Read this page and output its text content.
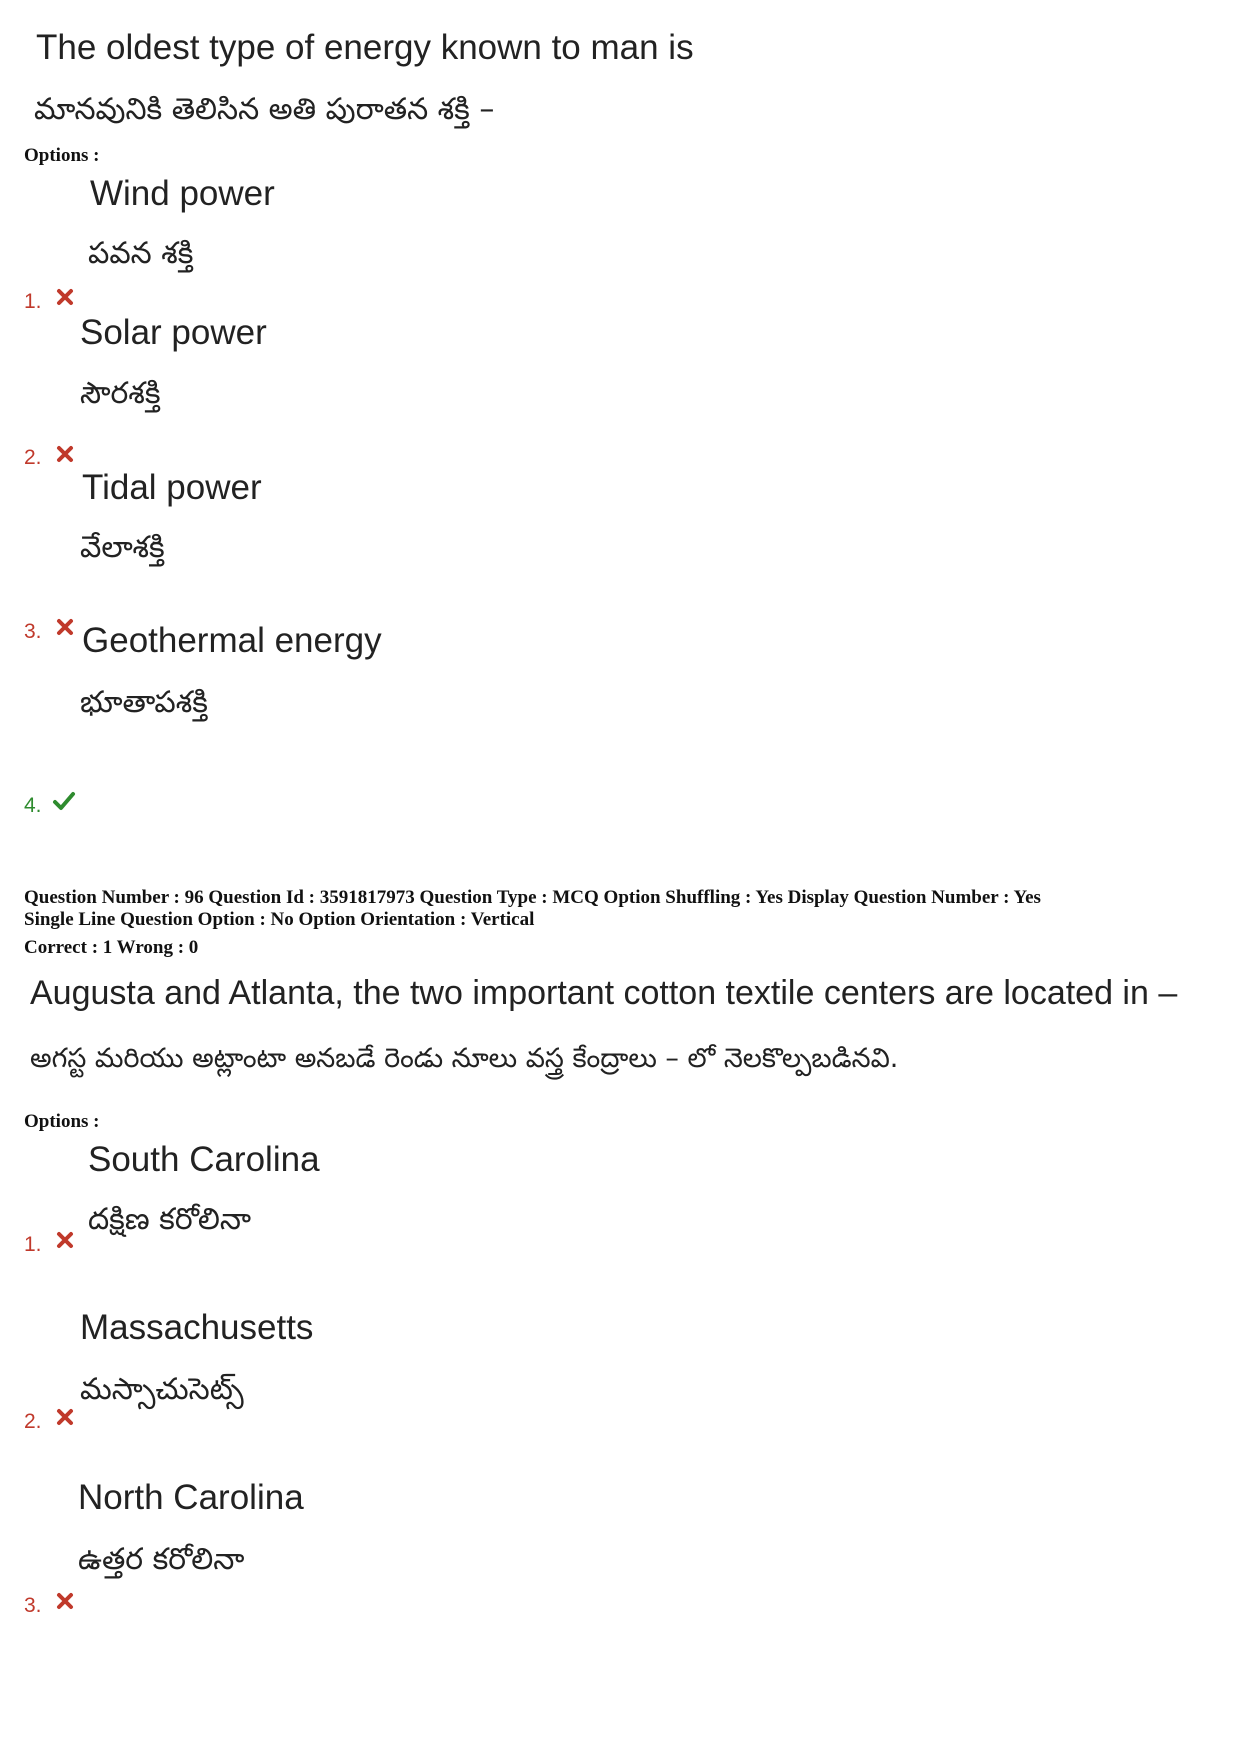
The oldest type of energy known to man is
మానవునికి తెలిసిన అతి పురాతన శక్తి –
Options :
Wind power
పవన శక్తి
1.
Solar power
సౌరశక్తి
2.
Tidal power
వేలాశక్తి
3. Geothermal energy
భూతాపశక్తి
4.
Question Number : 96 Question Id : 3591817973 Question Type : MCQ Option Shuffling : Yes Display Question Number : Yes
Single Line Question Option : No Option Orientation : Vertical
Correct : 1 Wrong : 0
Augusta and Atlanta, the two important cotton textile centers are located in –
అగస్ట మరియు అట్లాంటా అనబడే రెండు నూలు వస్త్ర కేంద్రాలు – లో నెలకొల్పబడినవి.
Options :
South Carolina
దక్షిణ కరోలినా
1.
Massachusetts
మస్సాచుసెట్స్
2.
North Carolina
ఉత్తర కరోలినా
3.
